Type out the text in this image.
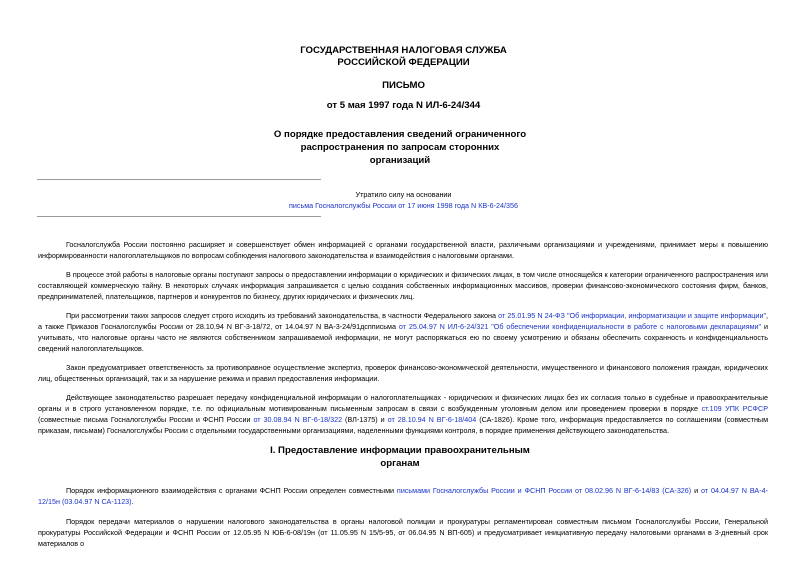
ГОСУДАРСТВЕННАЯ НАЛОГОВАЯ СЛУЖБА
РОССИЙСКОЙ ФЕДЕРАЦИИ
ПИСЬМО
от 5 мая 1997 года N ИЛ-6-24/344
О порядке предоставления сведений ограниченного
распространения по запросам сторонних
организаций
Утратило силу на основании
письма Госналогслужбы России от 17 июня 1998 года N КВ-6-24/356
Госналогслужба России постоянно расширяет и совершенствует обмен информацией с органами государственной власти, различными организациями и учреждениями, принимает меры к повышению информированности налогоплательщиков по вопросам соблюдения налогового законодательства и взаимодействия с налоговыми органами.
В процессе этой работы в налоговые органы поступают запросы о предоставлении информации о юридических и физических лицах, в том числе относящейся к категории ограниченного распространения или составляющей коммерческую тайну. В некоторых случаях информация запрашивается с целью создания собственных информационных массивов, проверки финансово-экономического состояния фирм, банков, предпринимателей, плательщиков, партнеров и конкурентов по бизнесу, других юридических и физических лиц.
При рассмотрении таких запросов следует строго исходить из требований законодательства, в частности Федерального закона от 25.01.95 N 24-ФЗ "Об информации, информатизации и защите информации", а также Приказов Госналогслужбы России от 28.10.94 N ВГ-3-18/72, от 14.04.97 N ВА-3-24/91дспписьма от 25.04.97 N ИЛ-6-24/321 "Об обеспечении конфиденциальности в работе с налоговыми декларациями" и учитывать, что налоговые органы часто не являются собственником запрашиваемой информации, не могут распоряжаться ею по своему усмотрению и обязаны обеспечить сохранность и конфиденциальность сведений налогоплательщиков.
Закон предусматривает ответственность за противоправное осуществление экспертиз, проверок финансово-экономической деятельности, имущественного и финансового положения граждан, юридических лиц, общественных организаций, так и за нарушение режима и правил предоставления информации.
Действующее законодательство разрешает передачу конфиденциальной информации о налогоплательщиках - юридических и физических лицах без их согласия только в судебные и правоохранительные органы и в строго установленном порядке, т.е. по официальным мотивированным письменным запросам в связи с возбужденным уголовным делом или проведением проверки в порядке ст.109 УПК РСФСР (совместные письма Госналогслужбы России и ФСНП России от 30.08.94 N ВГ-6-18/322 (ВЛ-1375) и от 28.10.94 N ВГ-6-18/404 (СА-1826). Кроме того, информация предоставляется по соглашениям (совместным приказам, письмам) Госналогслужбы России с отдельными государственными организациями, наделенными функциями контроля, в порядке применения действующего законодательства.
I. Предоставление информации правоохранительным
органам
Порядок информационного взаимодействия с органами ФСНП России определен совместными письмами Госналогслужбы России и ФСНП России от 08.02.96 N ВГ-6-14/83 (СА-326) и от 04.04.97 N ВА-4-12/15н (03.04.97 N СА-1123).
Порядок передачи материалов о нарушении налогового законодательства в органы налоговой полиции и прокуратуры регламентирован совместным письмом Госналогслужбы России, Генеральной прокуратуры Российской Федерации и ФСНП России от 12.05.95 N ЮБ-6-08/19н (от 11.05.95 N 15/5-95, от 06.04.95 N ВП-605) и предусматривает инициативную передачу налоговыми органами в 3-дневный срок материалов о
